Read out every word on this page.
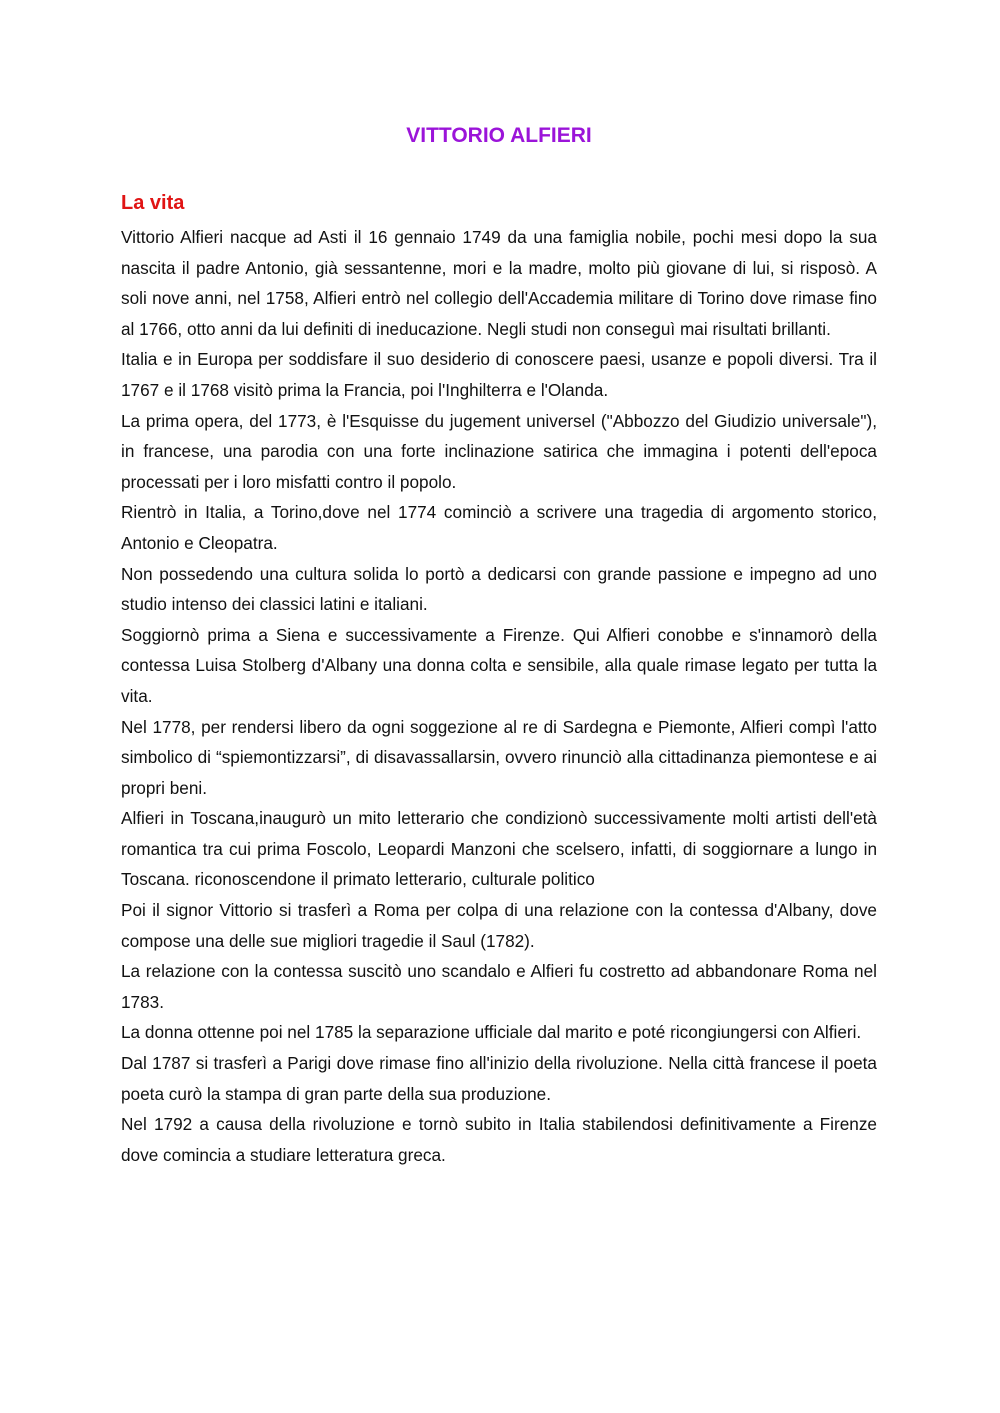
VITTORIO ALFIERI
La vita

Vittorio Alfieri nacque ad Asti il 16 gennaio 1749 da una famiglia nobile, pochi mesi dopo la sua nascita il padre Antonio, già sessantenne, mori e la madre, molto più giovane di lui, si risposò. A soli nove anni, nel 1758, Alfieri entrò nel collegio dell'Accademia militare di Torino dove rimase fino al 1766, otto anni da lui definiti di ineducazione. Negli studi non conseguì mai risultati brillanti.

Italia e in Europa per soddisfare il suo desiderio di conoscere paesi, usanze e popoli diversi. Tra il 1767 e il 1768 visitò prima la Francia, poi l'Inghilterra e l'Olanda.

La prima opera, del 1773, è l'Esquisse du jugement universel ("Abbozzo del Giudizio universale"), in francese, una parodia con una forte inclinazione satirica che immagina i potenti dell'epoca processati per i loro misfatti contro il popolo.

Rientrò in Italia, a Torino,dove nel 1774 cominciò a scrivere una tragedia di argomento storico, Antonio e Cleopatra.

Non possedendo una cultura solida lo portò a dedicarsi con grande passione e impegno ad uno studio intenso dei classici latini e italiani.

Soggiornò prima a Siena e successivamente a Firenze. Qui Alfieri conobbe e s'innamorò della contessa Luisa Stolberg d'Albany una donna colta e sensibile, alla quale rimase legato per tutta la vita.

Nel 1778, per rendersi libero da ogni soggezione al re di Sardegna e Piemonte, Alfieri compì l'atto simbolico di “spiemontizzarsi”, di disavassallarsin, ovvero rinunciò alla cittadinanza piemontese e ai propri beni.

Alfieri in Toscana,inaugurò un mito letterario che condizionò successivamente molti artisti dell'età romantica tra cui prima Foscolo, Leopardi Manzoni che scelsero, infatti, di soggiornare a lungo in Toscana. riconoscendone il primato letterario, culturale politico

Poi il signor Vittorio si trasferì a Roma per colpa di una relazione con la contessa d'Albany, dove compose una delle sue migliori tragedie il Saul (1782).

La relazione con la contessa suscitò uno scandalo e Alfieri fu costretto ad abbandonare Roma nel 1783.

La donna ottenne poi nel 1785 la separazione ufficiale dal marito e poté ricongiungersi con Alfieri.

Dal 1787 si trasferì a Parigi dove rimase fino all'inizio della rivoluzione. Nella città francese il poeta poeta curò la stampa di gran parte della sua produzione.

Nel 1792 a causa della rivoluzione e tornò subito in Italia stabilendosi definitivamente a Firenze dove comincia a studiare letteratura greca.
